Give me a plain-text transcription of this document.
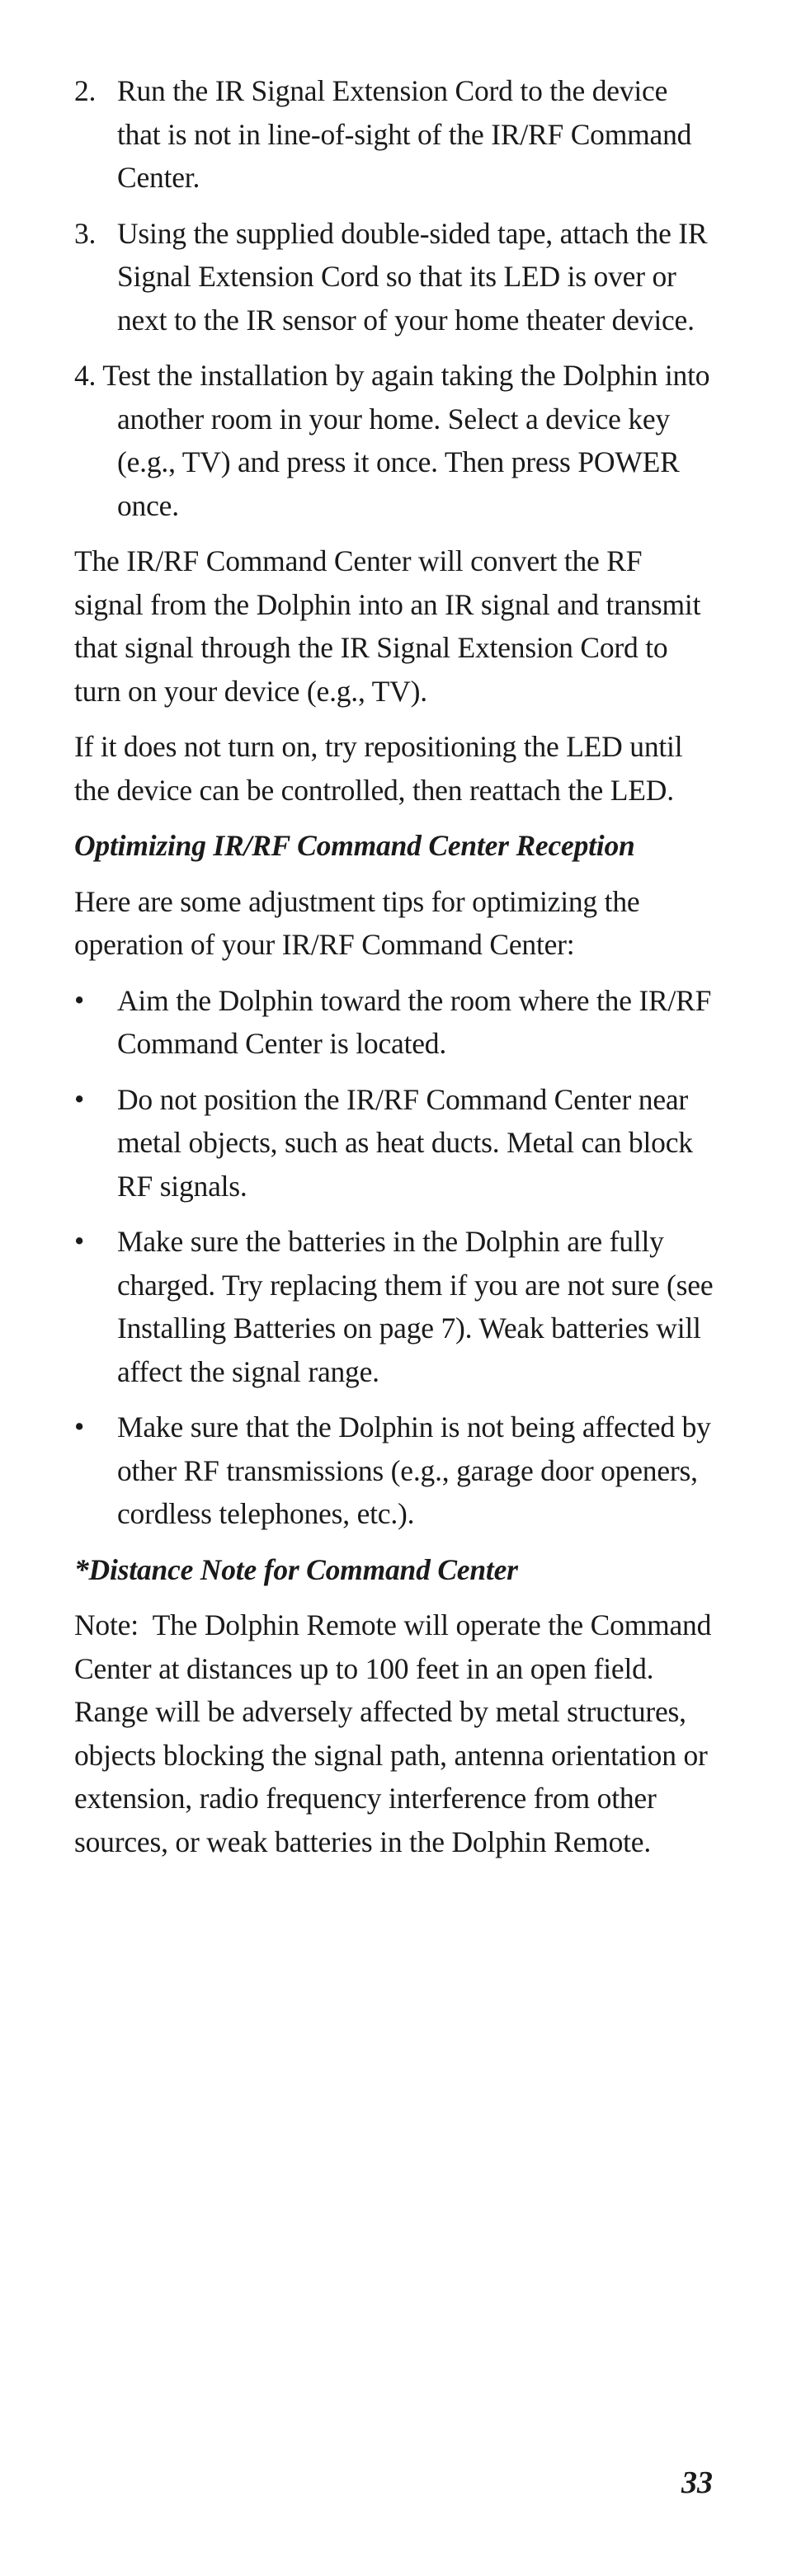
2. Run the IR Signal Extension Cord to the device that is not in line-of-sight of the IR/RF Command Center.
3. Using the supplied double-sided tape, attach the IR Signal Extension Cord so that its LED is over or next to the IR sensor of your home theater device.
4. Test the installation by again taking the Dolphin into another room in your home. Select a device key (e.g., TV) and press it once. Then press POWER once.

The IR/RF Command Center will convert the RF signal from the Dolphin into an IR signal and transmit that signal through the IR Signal Extension Cord to turn on your device (e.g., TV).

If it does not turn on, try repositioning the LED until the device can be controlled, then reattach the LED.

Optimizing IR/RF Command Center Reception

Here are some adjustment tips for optimizing the operation of your IR/RF Command Center:

• Aim the Dolphin toward the room where the IR/RF Command Center is located.
• Do not position the IR/RF Command Center near metal objects, such as heat ducts. Metal can block RF signals.
• Make sure the batteries in the Dolphin are fully charged. Try replacing them if you are not sure (see Installing Batteries on page 7). Weak batteries will affect the signal range.
• Make sure that the Dolphin is not being affected by other RF transmissions (e.g., garage door openers, cordless telephones, etc.).
*Distance Note for Command Center

Note:  The Dolphin Remote will operate the Command Center at distances up to 100 feet in an open field.  Range will be adversely affected by metal structures, objects blocking the signal path, antenna orientation or extension, radio frequency interference from other sources, or weak batteries in the Dolphin Remote.

33
